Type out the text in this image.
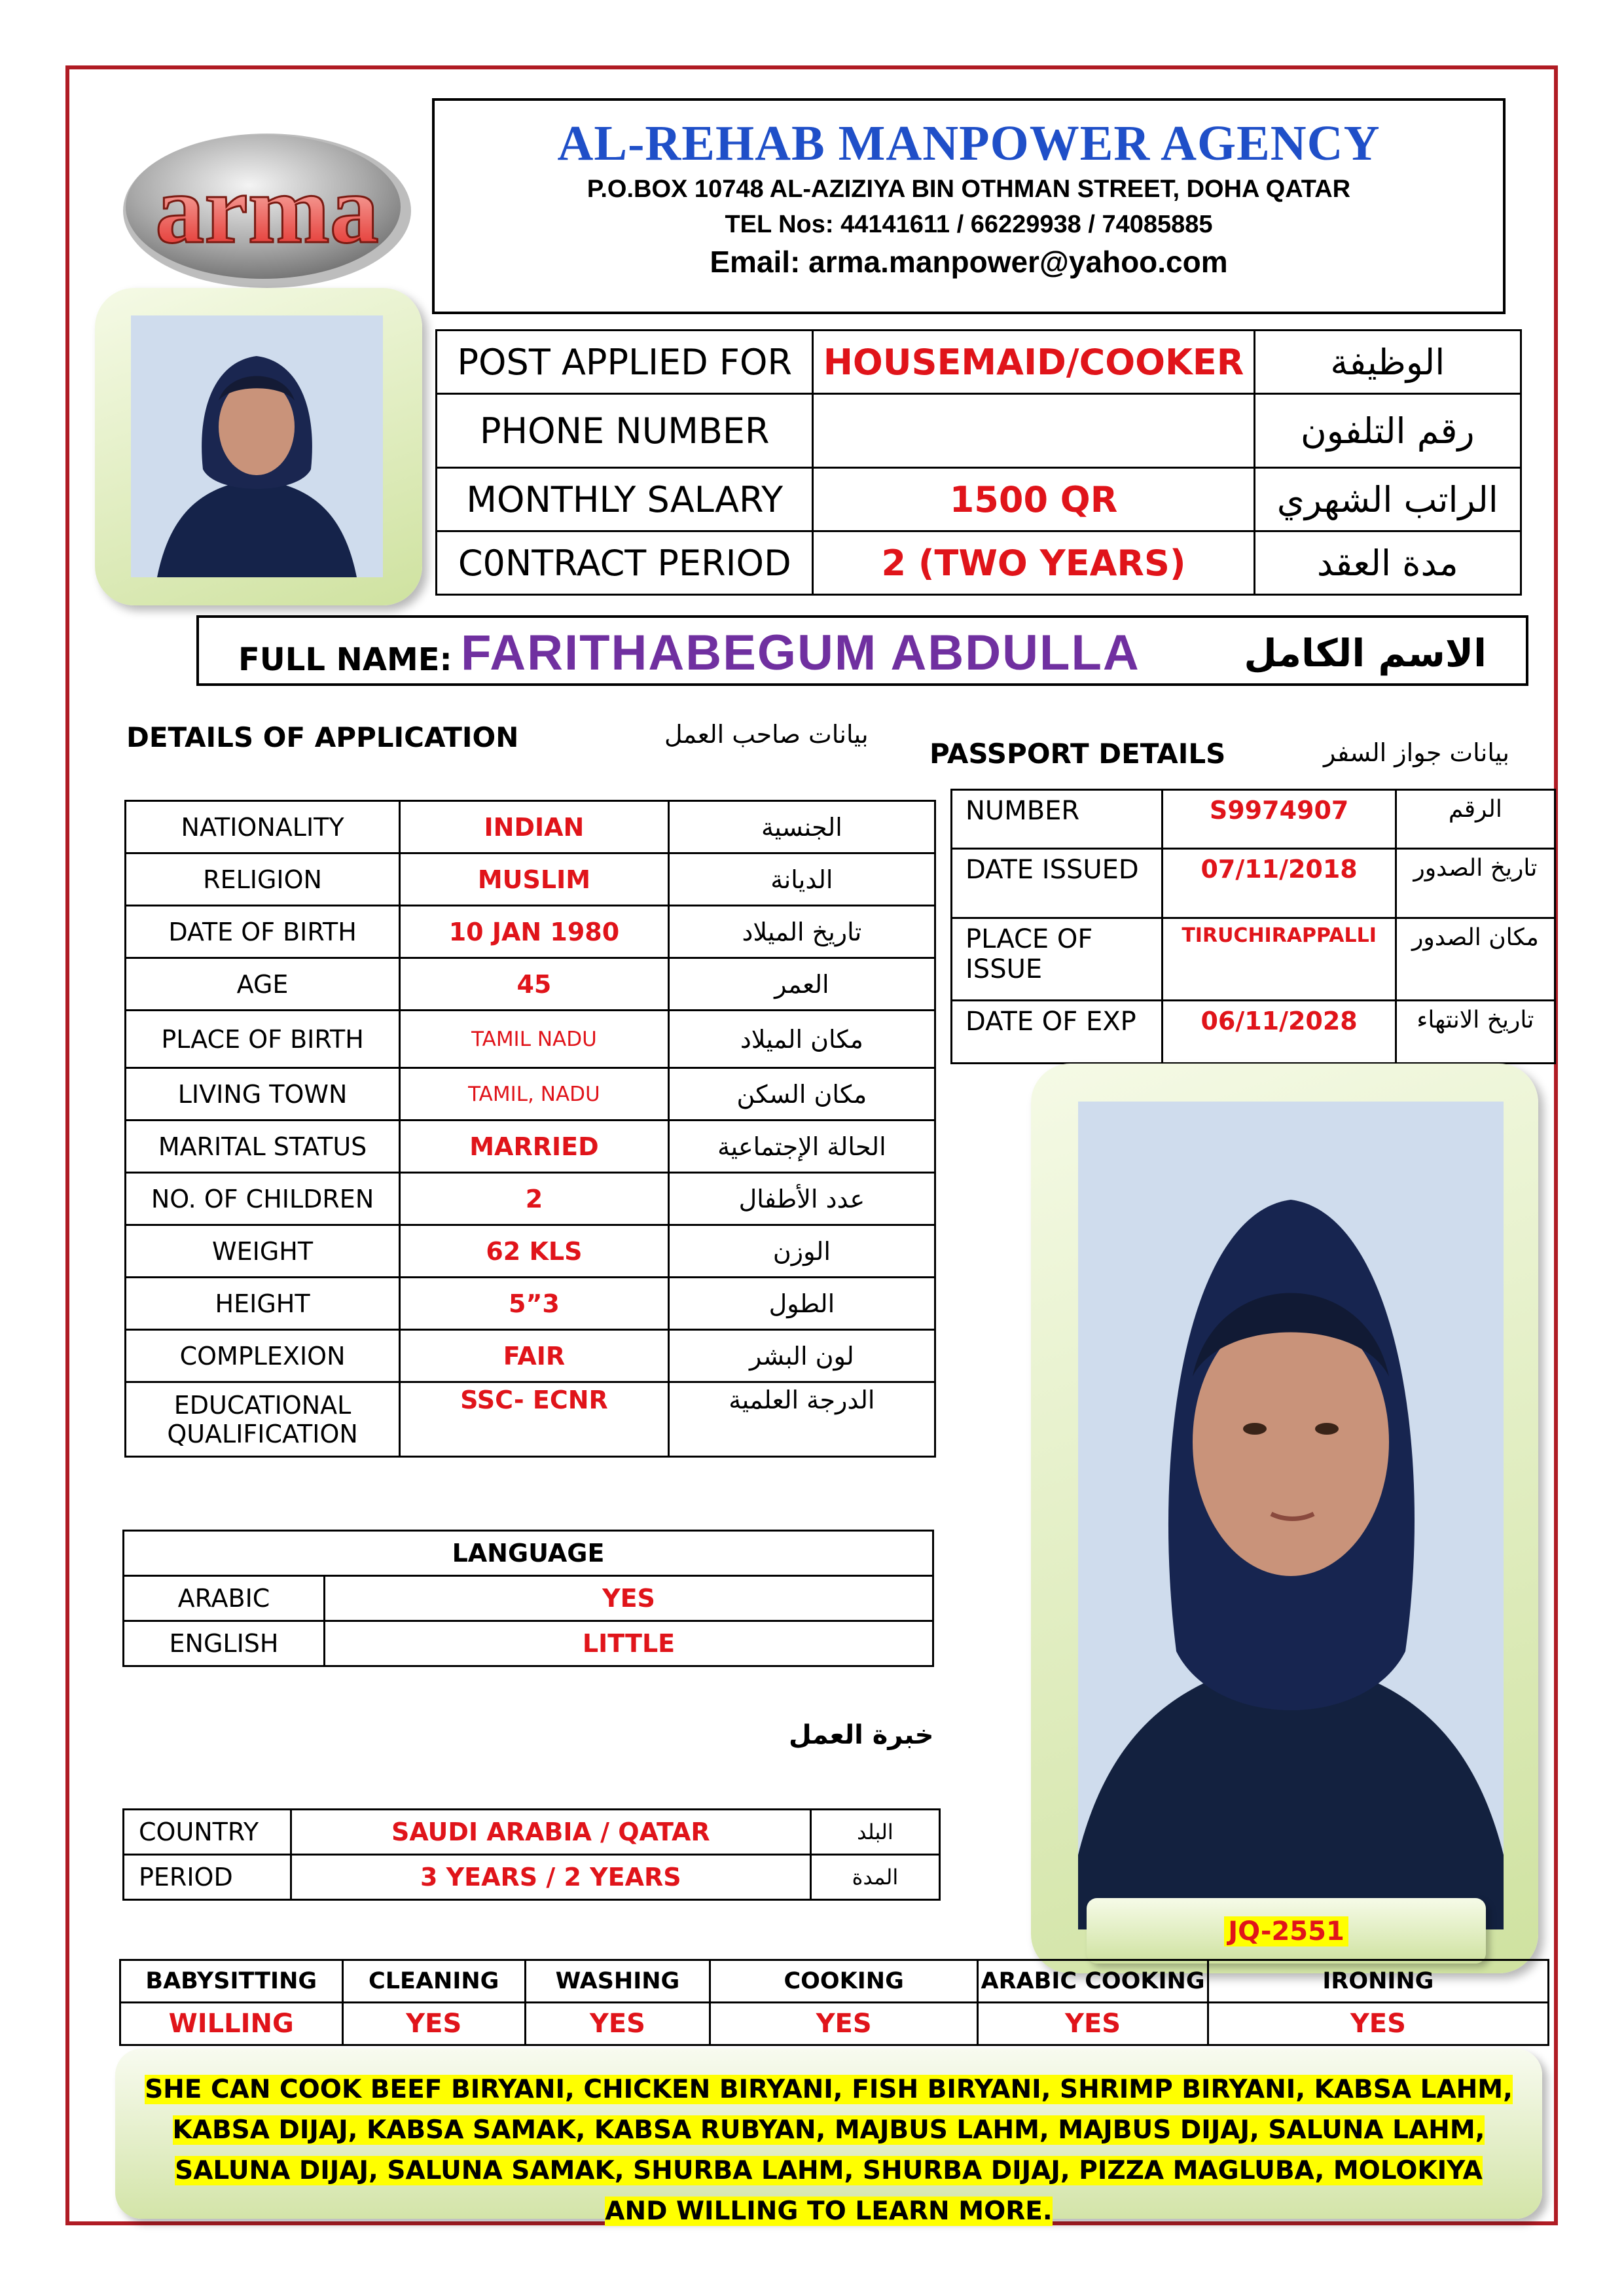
arma
AL-REHAB MANPOWER AGENCY
P.O.BOX 10748 AL-AZIZIYA BIN OTHMAN STREET, DOHA QATAR
TEL Nos: 44141611 / 66229938 / 74085885
Email: arma.manpower@yahoo.com
POST APPLIED FOR	HOUSEMAID/COOKER	الوظيفة
PHONE NUMBER		رقم التلفون
MONTHLY SALARY	1500 QR	الراتب الشهري
C0NTRACT PERIOD	2 (TWO YEARS)	مدة العقد
FULL NAME: FARITHABEGUM ABDULLA	الاسم الكامل
DETAILS OF APPLICATION	بيانات صاحب العمل
PASSPORT DETAILS	بيانات جواز السفر
NATIONALITY	INDIAN	الجنسية
RELIGION	MUSLIM	الديانة
DATE OF BIRTH	10 JAN 1980	تاريخ الميلاد
AGE	45	العمر
PLACE OF BIRTH	TAMIL NADU	مكان الميلاد
LIVING TOWN	TAMIL, NADU	مكان السكن
MARITAL STATUS	MARRIED	الحالة الإجتماعية
NO. OF CHILDREN	2	عدد الأطفال
WEIGHT	62 KLS	الوزن
HEIGHT	5”3	الطول
COMPLEXION	FAIR	لون البشر
EDUCATIONAL QUALIFICATION	SSC- ECNR	الدرجة العلمية
NUMBER	S9974907	الرقم
DATE ISSUED	07/11/2018	تاريخ الصدور
PLACE OF ISSUE	TIRUCHIRAPPALLI	مكان الصدور
DATE OF EXP	06/11/2028	تاريخ الانتهاء
LANGUAGE	
ARABIC	YES
ENGLISH	LITTLE
خبرة العمل
COUNTRY	SAUDI ARABIA / QATAR	البلد
PERIOD	3 YEARS / 2 YEARS	المدة
JQ-2551
BABYSITTING	CLEANING	WASHING	COOKING	ARABIC COOKING	IRONING
WILLING	YES	YES	YES	YES	YES
SHE CAN COOK BEEF BIRYANI, CHICKEN BIRYANI, FISH BIRYANI, SHRIMP BIRYANI, KABSA LAHM, KABSA DIJAJ, KABSA SAMAK, KABSA RUBYAN, MAJBUS LAHM, MAJBUS DIJAJ, SALUNA LAHM, SALUNA DIJAJ, SALUNA SAMAK, SHURBA LAHM, SHURBA DIJAJ, PIZZA MAGLUBA, MOLOKIYA AND WILLING TO LEARN MORE.
